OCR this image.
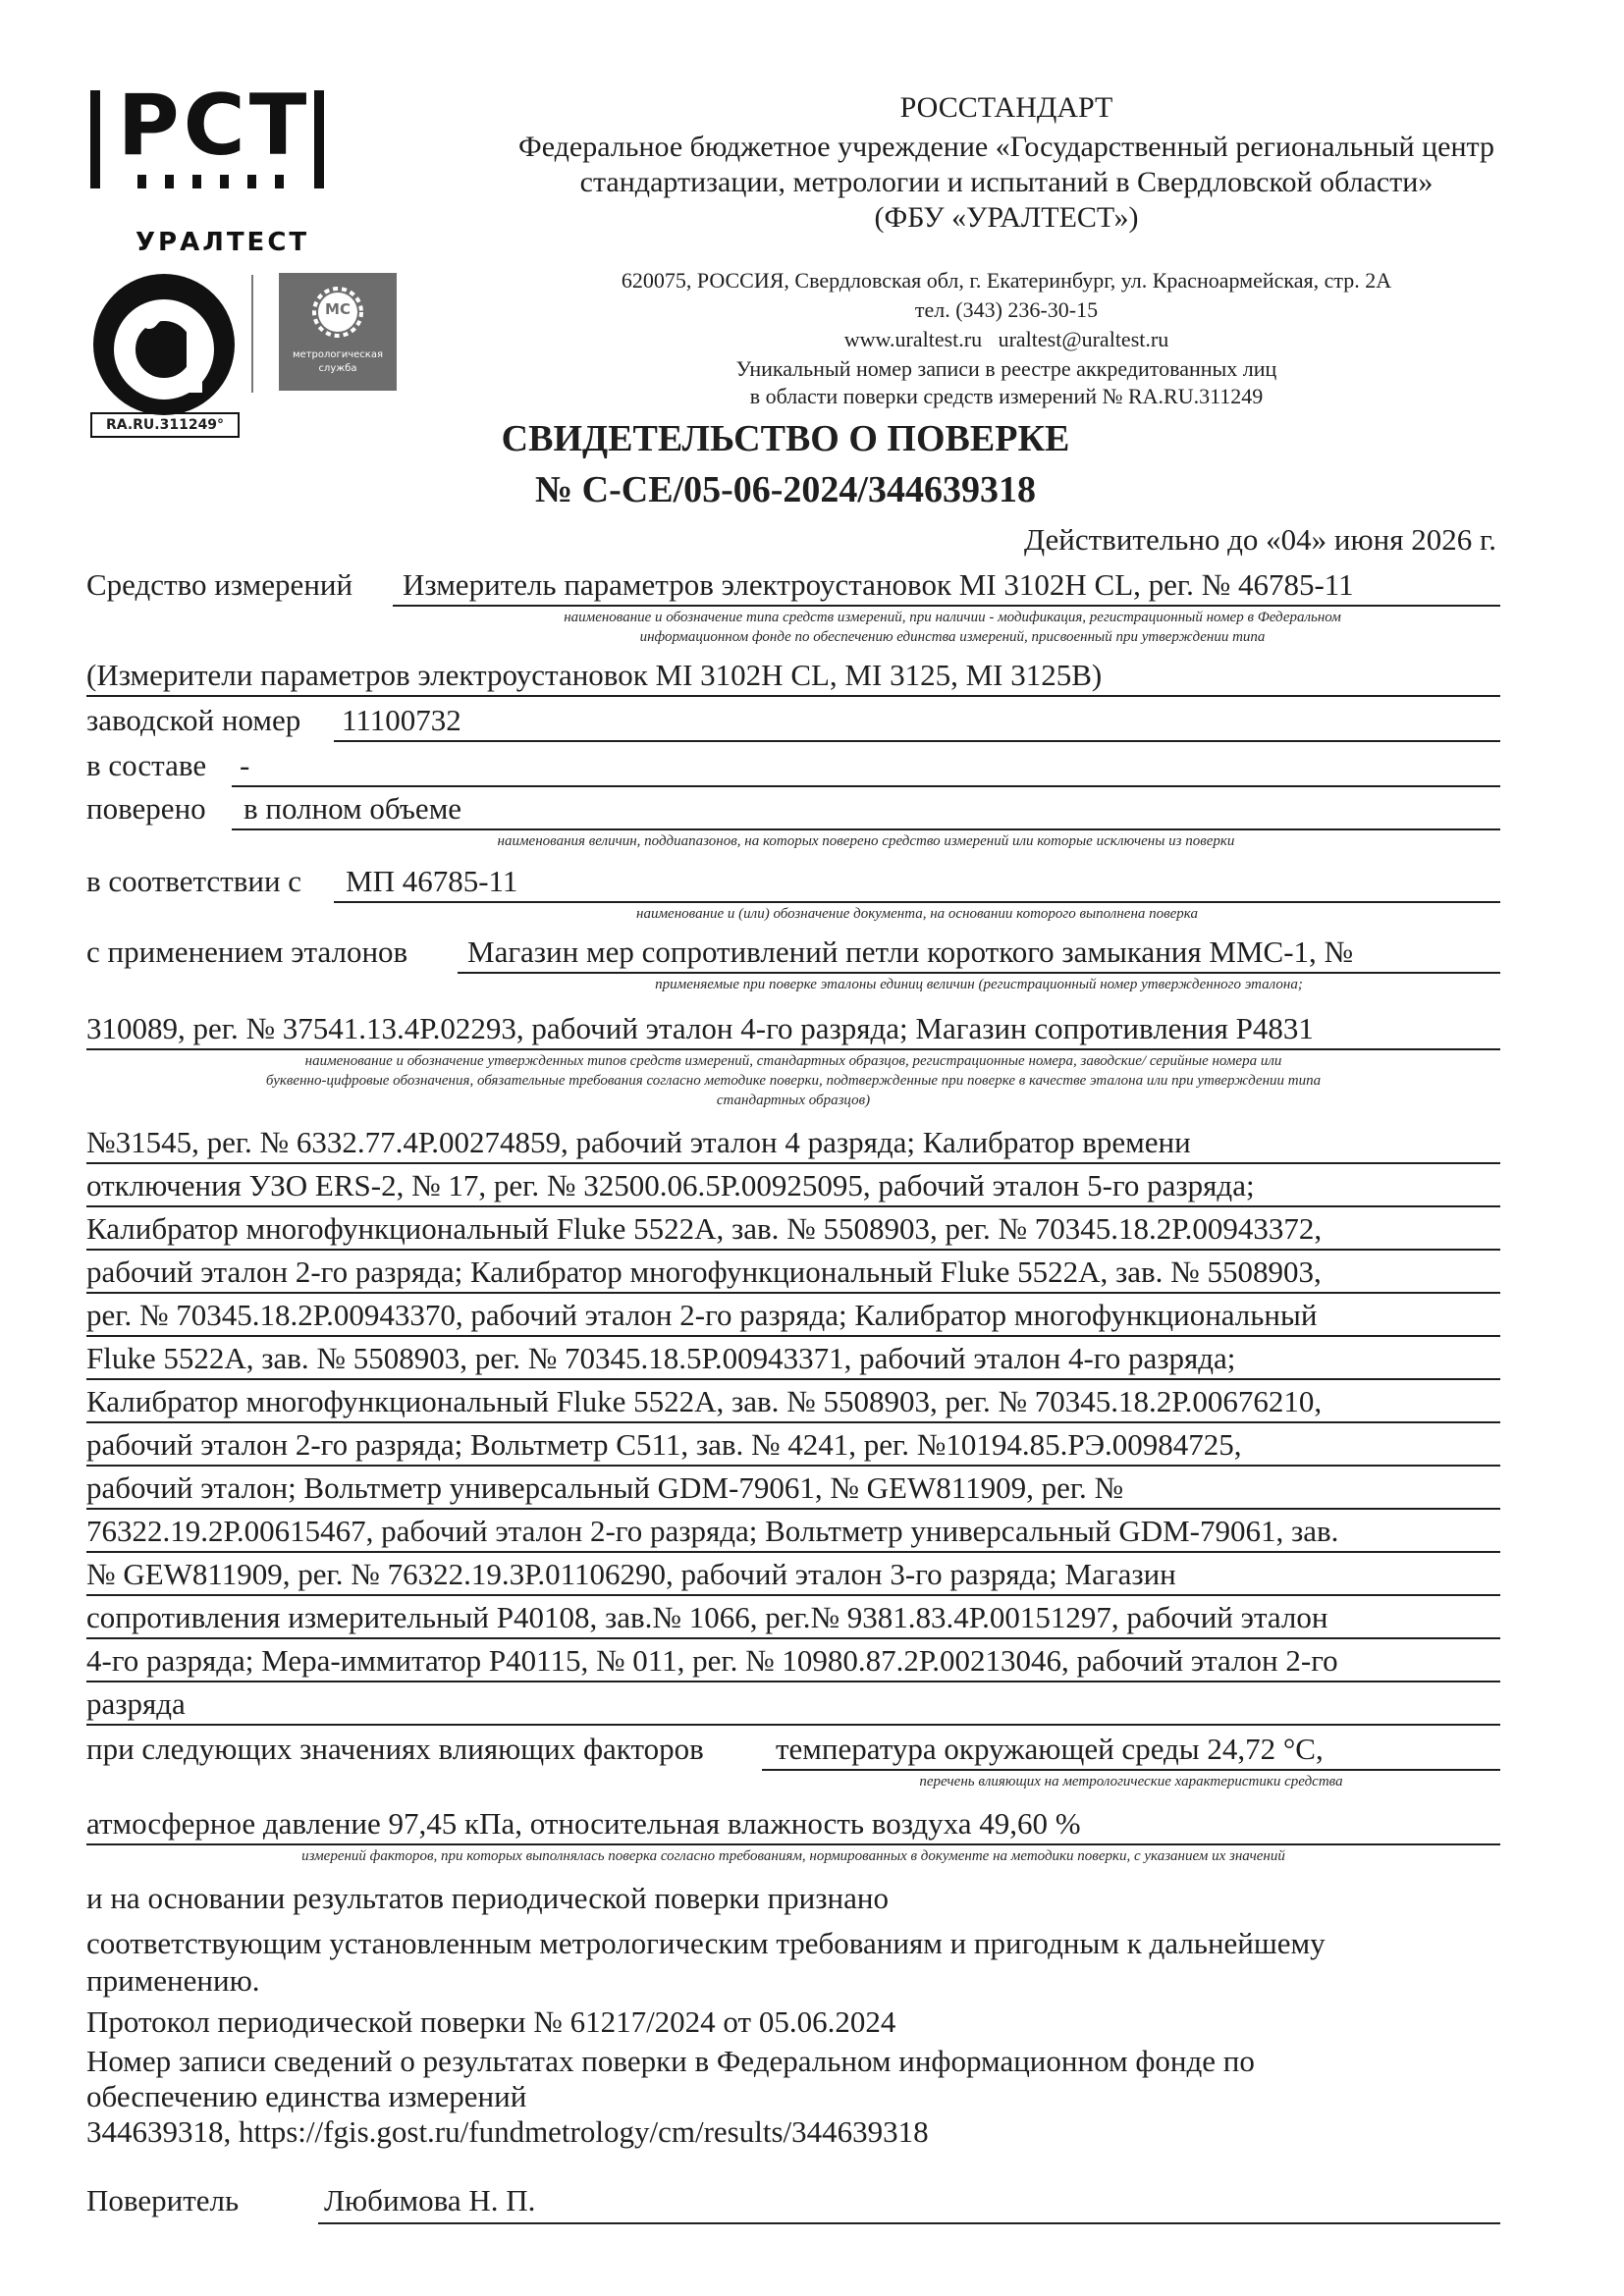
РСТ
УРАЛТЕСТ
RA.RU.311249°
МС
метрологическая
служба
РОССТАНДАРТ
Федеральное бюджетное учреждение «Государственный региональный центр
стандартизации, метрологии и испытаний в Свердловской области»
(ФБУ «УРАЛТЕСТ»)
620075, РОССИЯ, Свердловская обл, г. Екатеринбург, ул. Красноармейская, стр. 2А
тел. (343) 236-30-15
www.uraltest.ru   uraltest@uraltest.ru
Уникальный номер записи в реестре аккредитованных лиц
в области поверки средств измерений № RA.RU.311249
СВИДЕТЕЛЬСТВО О ПОВЕРКЕ
№ С-СЕ/05-06-2024/344639318
Действительно до «04» июня 2026 г.
Средство измерений Измеритель параметров электроустановок MI 3102H CL, рег. № 46785-11
наименование и обозначение типа средств измерений, при наличии - модификация, регистрационный номер в Федеральном
информационном фонде по обеспечению единства измерений, присвоенный при утверждении типа
(Измерители параметров электроустановок MI 3102H CL, MI 3125, MI 3125B)
заводской номер 11100732
в составе -
поверено в полном объеме
наименования величин, поддиапазонов, на которых поверено средство измерений или которые исключены из поверки
в соответствии с МП 46785-11
наименование и (или) обозначение документа, на основании которого выполнена поверка
с применением эталонов Магазин мер сопротивлений петли короткого замыкания ММС-1, №
применяемые при поверке эталоны единиц величин (регистрационный номер утвержденного эталона;
310089, рег. № 37541.13.4Р.02293, рабочий эталон 4-го разряда; Магазин сопротивления Р4831
наименование и обозначение утвержденных типов средств измерений, стандартных образцов, регистрационные номера, заводские/ серийные номера или
буквенно-цифровые обозначения, обязательные требования согласно методике поверки, подтвержденные при поверке в качестве эталона или при утверждении типа
стандартных образцов)
№31545, рег. № 6332.77.4Р.00274859, рабочий эталон 4 разряда; Калибратор времени
отключения УЗО ERS-2, № 17, рег. № 32500.06.5Р.00925095, рабочий эталон 5-го разряда;
Калибратор многофункциональный Fluke 5522A, зав. № 5508903, рег. № 70345.18.2Р.00943372,
рабочий эталон 2-го разряда; Калибратор многофункциональный Fluke 5522A, зав. № 5508903,
рег. № 70345.18.2Р.00943370, рабочий эталон 2-го разряда; Калибратор многофункциональный
Fluke 5522A, зав. № 5508903, рег. № 70345.18.5Р.00943371, рабочий эталон 4-го разряда;
Калибратор многофункциональный Fluke 5522A, зав. № 5508903, рег. № 70345.18.2Р.00676210,
рабочий эталон 2-го разряда; Вольтметр С511, зав. № 4241, рег. №10194.85.РЭ.00984725,
рабочий эталон; Вольтметр универсальный GDM-79061, № GEW811909, рег. №
76322.19.2Р.00615467, рабочий эталон 2-го разряда; Вольтметр универсальный GDM-79061, зав.
№ GEW811909, рег. № 76322.19.3Р.01106290, рабочий эталон 3-го разряда; Магазин
сопротивления измерительный Р40108, зав.№ 1066, рег.№ 9381.83.4Р.00151297, рабочий эталон
4-го разряда; Мера-иммитатор Р40115, № 011, рег. № 10980.87.2Р.00213046, рабочий эталон 2-го
разряда
при следующих значениях влияющих факторов температура окружающей среды 24,72 °C,
перечень влияющих на метрологические характеристики средства
атмосферное давление 97,45 кПа, относительная влажность воздуха 49,60 %
измерений факторов, при которых выполнялась поверка согласно требованиям, нормированных в документе на методики поверки, с указанием их значений
и на основании результатов периодической поверки признано
соответствующим установленным метрологическим требованиям и пригодным к дальнейшему
применению.
Протокол периодической поверки № 61217/2024 от 05.06.2024
Номер записи сведений о результатах поверки в Федеральном информационном фонде по
обеспечению единства измерений
344639318, https://fgis.gost.ru/fundmetrology/cm/results/344639318
Поверитель	Любимова Н. П.
